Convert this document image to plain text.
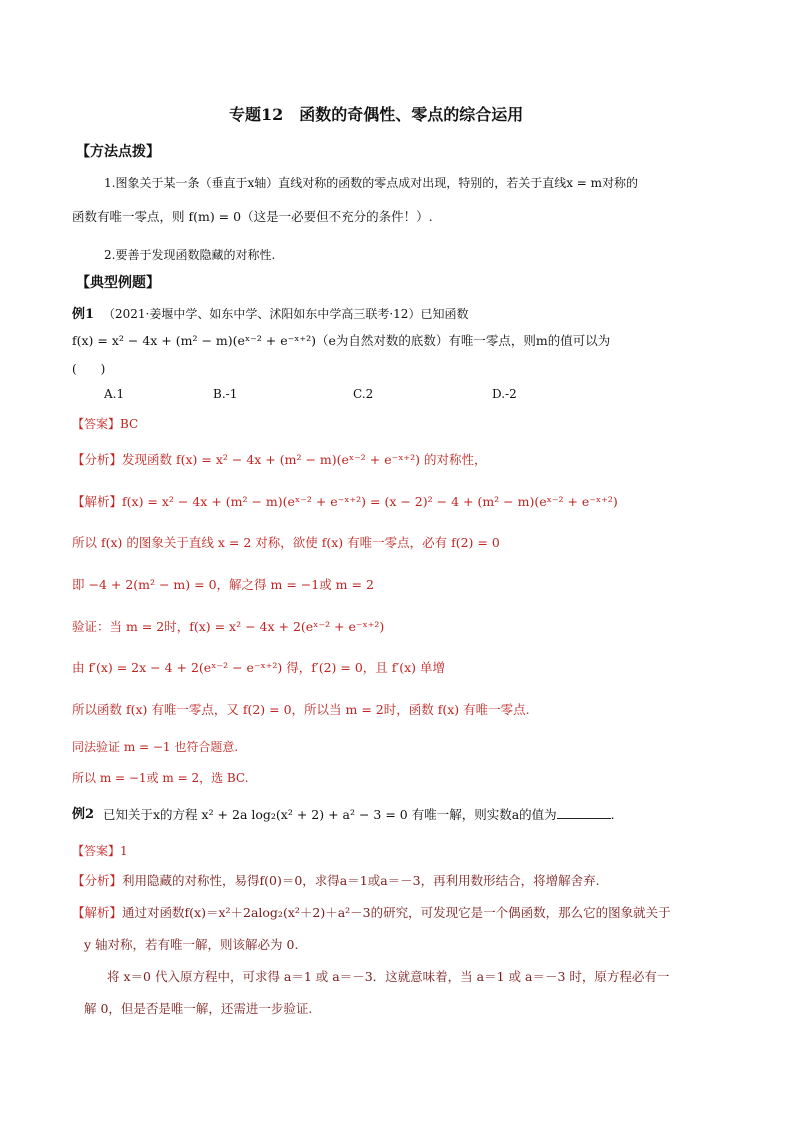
专题12　函数的奇偶性、零点的综合运用
【方法点拨】
1.图象关于某一条（垂直于x轴）直线对称的函数的零点成对出现，特别的，若关于直线x = m对称的
函数有唯一零点，则 f(m) = 0（这是一必要但不充分的条件！）.
2.要善于发现函数隐藏的对称性.
【典型例题】
例1 （2021·姜堰中学、如东中学、沭阳如东中学高三联考·12）已知函数
f(x) = x² − 4x + (m² − m)(eˣ⁻² + e⁻ˣ⁺²)（e为自然对数的底数）有唯一零点，则m的值可以为
(　　)
A.1	B.-1	C.2	D.-2
【答案】BC
【分析】发现函数 f(x) = x² − 4x + (m² − m)(eˣ⁻² + e⁻ˣ⁺²) 的对称性，
【解析】f(x) = x² − 4x + (m² − m)(eˣ⁻² + e⁻ˣ⁺²) = (x − 2)² − 4 + (m² − m)(eˣ⁻² + e⁻ˣ⁺²)
所以 f(x) 的图象关于直线 x = 2 对称，欲使 f(x) 有唯一零点，必有 f(2) = 0
即 −4 + 2(m² − m) = 0，解之得 m = −1或 m = 2
验证：当 m = 2时，f(x) = x² − 4x + 2(eˣ⁻² + e⁻ˣ⁺²)
由 f′(x) = 2x − 4 + 2(eˣ⁻² − e⁻ˣ⁺²) 得，f′(2) = 0，且 f′(x) 单增
所以函数 f(x) 有唯一零点，又 f(2) = 0，所以当 m = 2时，函数 f(x) 有唯一零点.
同法验证 m = −1 也符合题意.
所以 m = −1或 m = 2，选 BC.
例2 已知关于x的方程 x² + 2a log₂(x² + 2) + a² − 3 = 0 有唯一解，则实数a的值为	.
【答案】1
【分析】利用隐藏的对称性，易得f(0)＝0，求得a＝1或a＝－3，再利用数形结合，将增解舍弃.
【解析】通过对函数f(x)＝x²＋2alog₂(x²＋2)＋a²－3的研究，可发现它是一个偶函数，那么它的图象就关于
y 轴对称，若有唯一解，则该解必为 0.
将 x＝0 代入原方程中，可求得 a＝1 或 a＝－3．这就意味着，当 a＝1 或 a＝－3 时，原方程必有一
解 0，但是否是唯一解，还需进一步验证.
